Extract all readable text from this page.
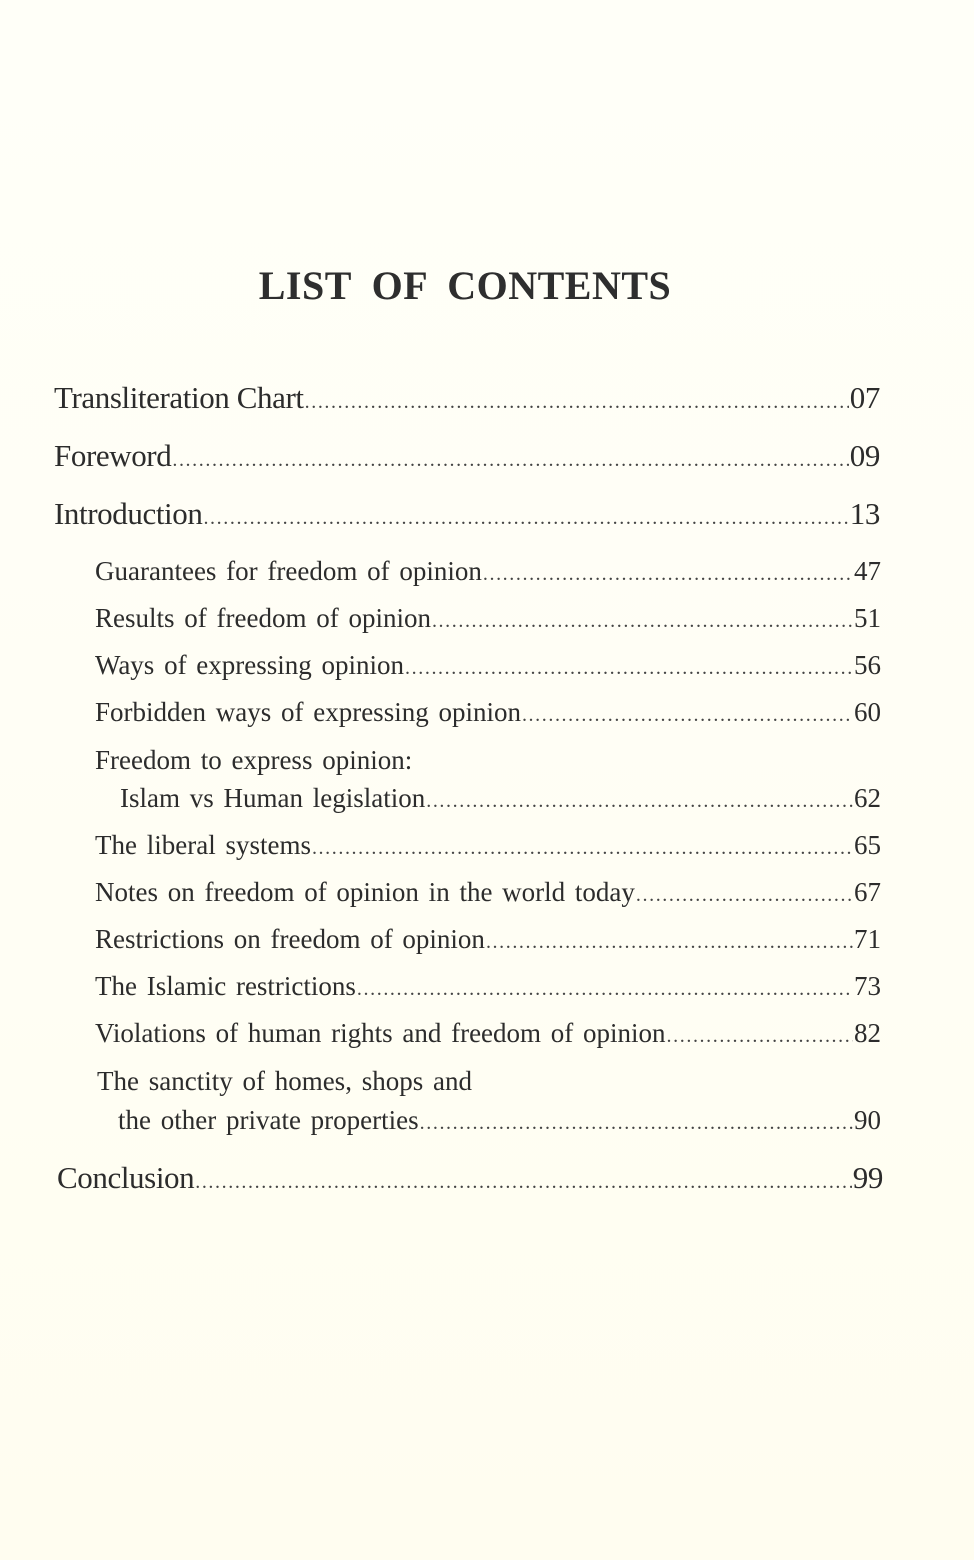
LIST OF CONTENTS
Transliteration Chart .....	07
Foreword .....	09
Introduction .....	13
Guarantees for freedom of opinion .....	47
Results of freedom of opinion .....	51
Ways of expressing opinion .....	56
Forbidden ways of expressing opinion .....	60
Freedom to express opinion:
Islam vs Human legislation .....	62
The liberal systems .....	65
Notes on freedom of opinion in the world today .....	67
Restrictions on freedom of opinion .....	71
The Islamic restrictions .....	73
Violations of human rights and freedom of opinion .....	82
The sanctity of homes, shops and
the other private properties .....	90
Conclusion .....	99
